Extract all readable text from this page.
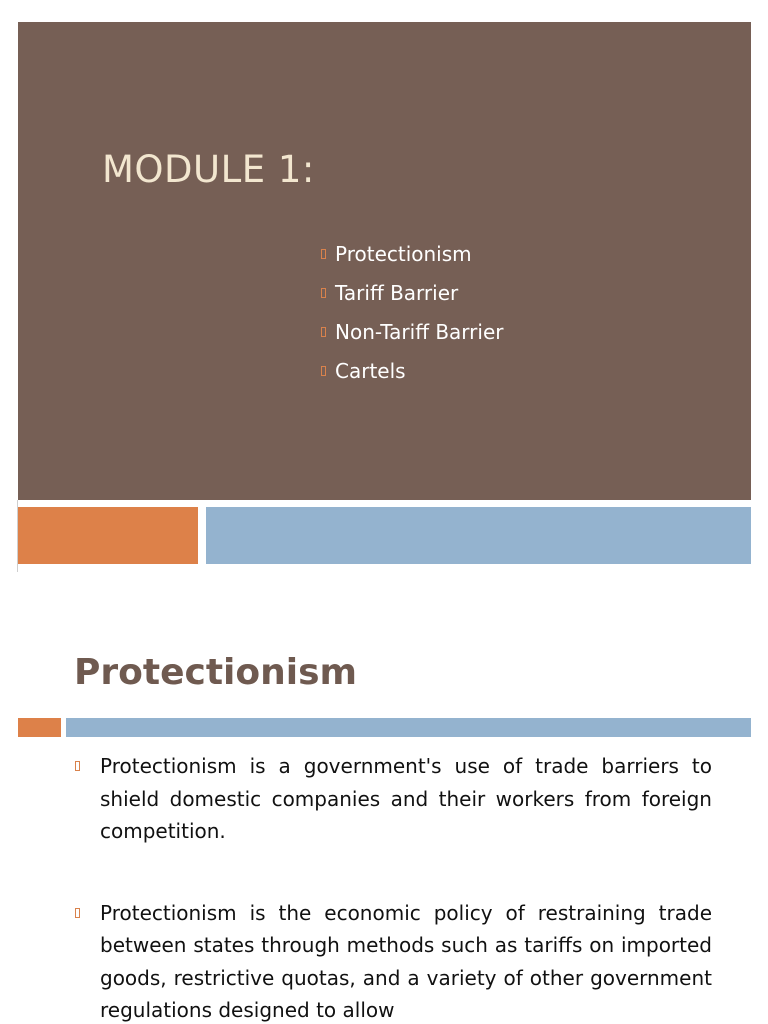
MODULE 1:
Protectionism
Tariff Barrier
Non-Tariff Barrier
Cartels
Protectionism
Protectionism is a government's use of trade barriers to shield domestic companies and their workers from foreign competition.
Protectionism is the economic policy of restraining trade between states through methods such as tariffs on imported goods, restrictive quotas, and a variety of other government regulations designed to allow
